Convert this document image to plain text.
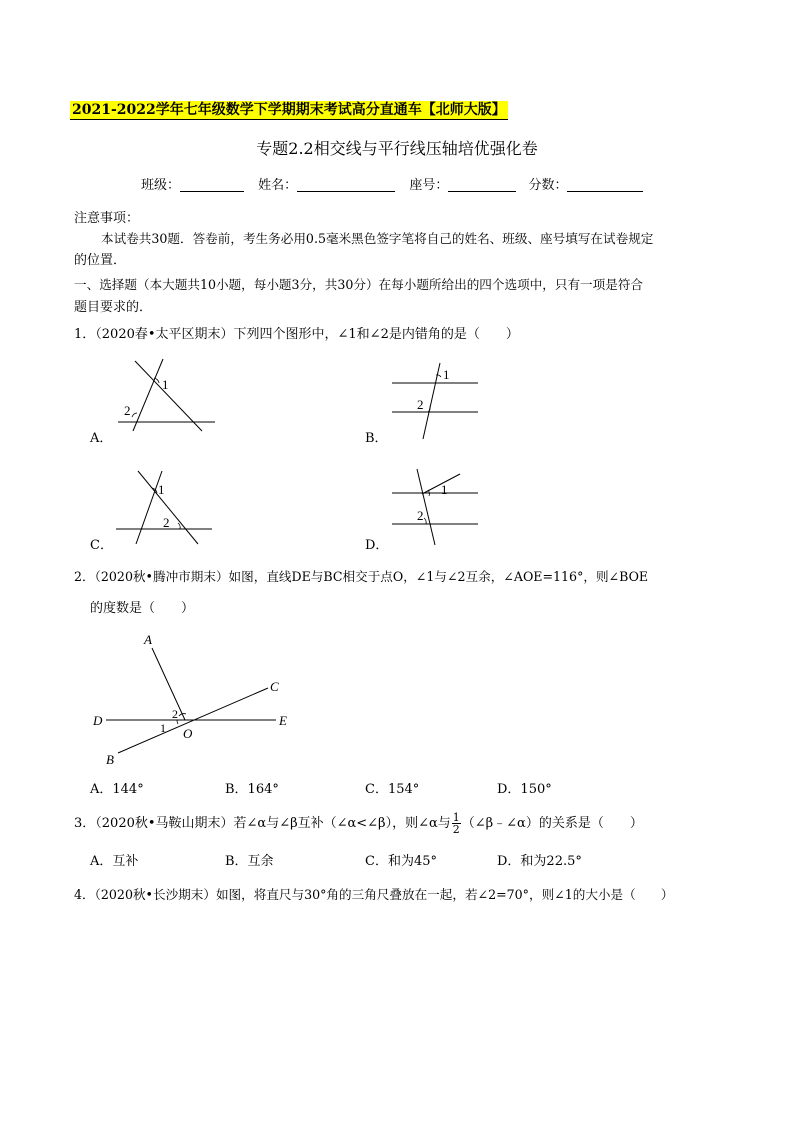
2021-2022学年七年级数学下学期期末考试高分直通车【北师大版】
专题2.2相交线与平行线压轴培优强化卷
班级：	姓名：	座号：	分数：
注意事项：
本试卷共30题．答卷前，考生务必用0.5毫米黑色签字笔将自己的姓名、班级、座号填写在试卷规定
的位置．
一、选择题（本大题共10小题，每小题3分，共30分）在每小题所给出的四个选项中，只有一项是符合
题目要求的．
1．（2020春•太平区期末）下列四个图形中，∠1和∠2是内错角的是（　　）
1
2
A．
1
2
B．
1
2
C．
1
2
D．
2．（2020秋•腾冲市期末）如图，直线DE与BC相交于点O，∠1与∠2互余，∠AOE=116°，则∠BOE
的度数是（　　）
A
C
D	E
O
B
2
1
A．144°	B．164°	C．154°	D．150°
3．（2020秋•马鞍山期末）若∠α与∠β互补（∠α<∠β），则∠α与 $\frac{1}{2}$ （∠β﹣∠α）的关系是（　　）
A．互补	B．互余	C．和为45°	D．和为22.5°
4．（2020秋•长沙期末）如图，将直尺与30°角的三角尺叠放在一起，若∠2=70°，则∠1的大小是（　　）
